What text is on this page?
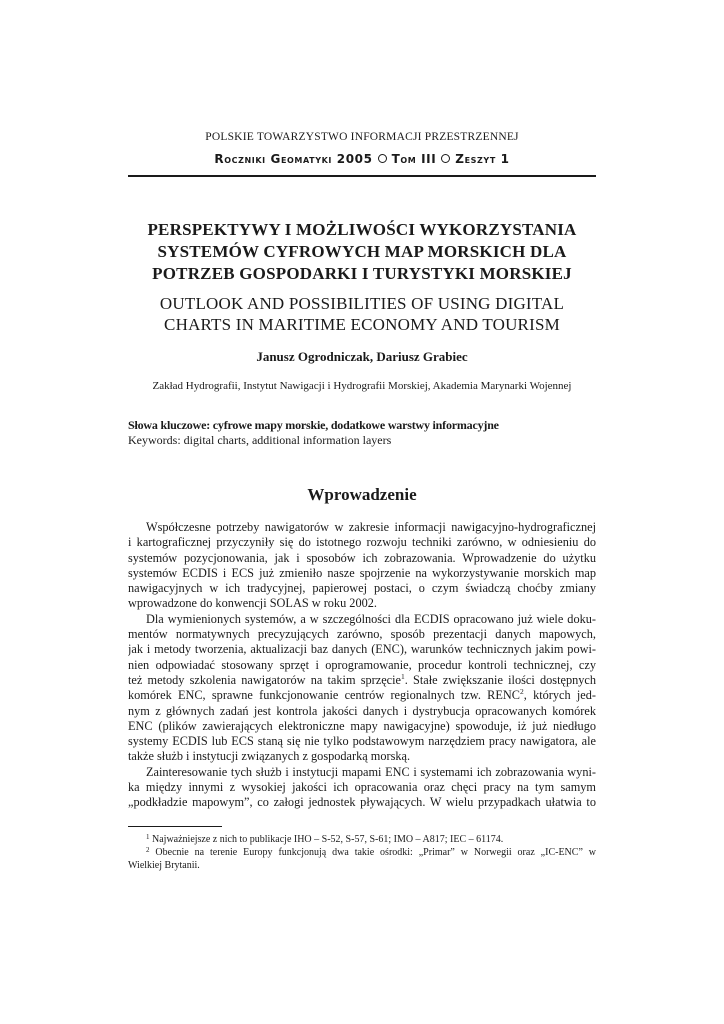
POLSKIE TOWARZYSTWO INFORMACJI PRZESTRZENNEJ
Roczniki Geomatyki 2005 Tom III Zeszyt 1
PERSPEKTYWY I MOŻLIWOŚCI WYKORZYSTANIA
SYSTEMÓW CYFROWYCH MAP MORSKICH DLA
POTRZEB GOSPODARKI I TURYSTYKI MORSKIEJ
OUTLOOK AND POSSIBILITIES OF USING DIGITAL
CHARTS IN MARITIME ECONOMY AND TOURISM
Janusz Ogrodniczak, Dariusz Grabiec
Zakład Hydrografii, Instytut Nawigacji i Hydrografii Morskiej, Akademia Marynarki Wojennej
Słowa kluczowe: cyfrowe mapy morskie, dodatkowe warstwy informacyjne
Keywords: digital charts, additional information layers
Wprowadzenie
Współczesne potrzeby nawigatorów w zakresie informacji nawigacyjno-hydrograficznej
i kartograficznej przyczyniły się do istotnego rozwoju techniki zarówno, w odniesieniu do
systemów pozycjonowania, jak i sposobów ich zobrazowania. Wprowadzenie do użytku
systemów ECDIS i ECS już zmieniło nasze spojrzenie na wykorzystywanie morskich map
nawigacyjnych w ich tradycyjnej, papierowej postaci, o czym świadczą choćby zmiany
wprowadzone do konwencji SOLAS w roku 2002.
Dla wymienionych systemów, a w szczególności dla ECDIS opracowano już wiele doku-
mentów normatywnych precyzujących zarówno, sposób prezentacji danych mapowych,
jak i metody tworzenia, aktualizacji baz danych (ENC), warunków technicznych jakim powi-
nien odpowiadać stosowany sprzęt i oprogramowanie, procedur kontroli technicznej, czy
też metody szkolenia nawigatorów na takim sprzęcie$^1$. Stałe zwiększanie ilości dostępnych
komórek ENC, sprawne funkcjonowanie centrów regionalnych tzw. RENC$^2$, których jed-
nym z głównych zadań jest kontrola jakości danych i dystrybucja opracowanych komórek
ENC (plików zawierających elektroniczne mapy nawigacyjne) spowoduje, iż już niedługo
systemy ECDIS lub ECS staną się nie tylko podstawowym narzędziem pracy nawigatora, ale
także służb i instytucji związanych z gospodarką morską.
Zainteresowanie tych służb i instytucji mapami ENC i systemami ich zobrazowania wyni-
ka między innymi z wysokiej jakości ich opracowania oraz chęci pracy na tym samym
„podkładzie mapowym”, co załogi jednostek pływających. W wielu przypadkach ułatwia to
$^1$ Najważniejsze z nich to publikacje IHO – S-52, S-57, S-61; IMO – A817; IEC – 61174.
$^2$ Obecnie na terenie Europy funkcjonują dwa takie ośrodki: „Primar” w Norwegii oraz „IC-ENC” w
Wielkiej Brytanii.
